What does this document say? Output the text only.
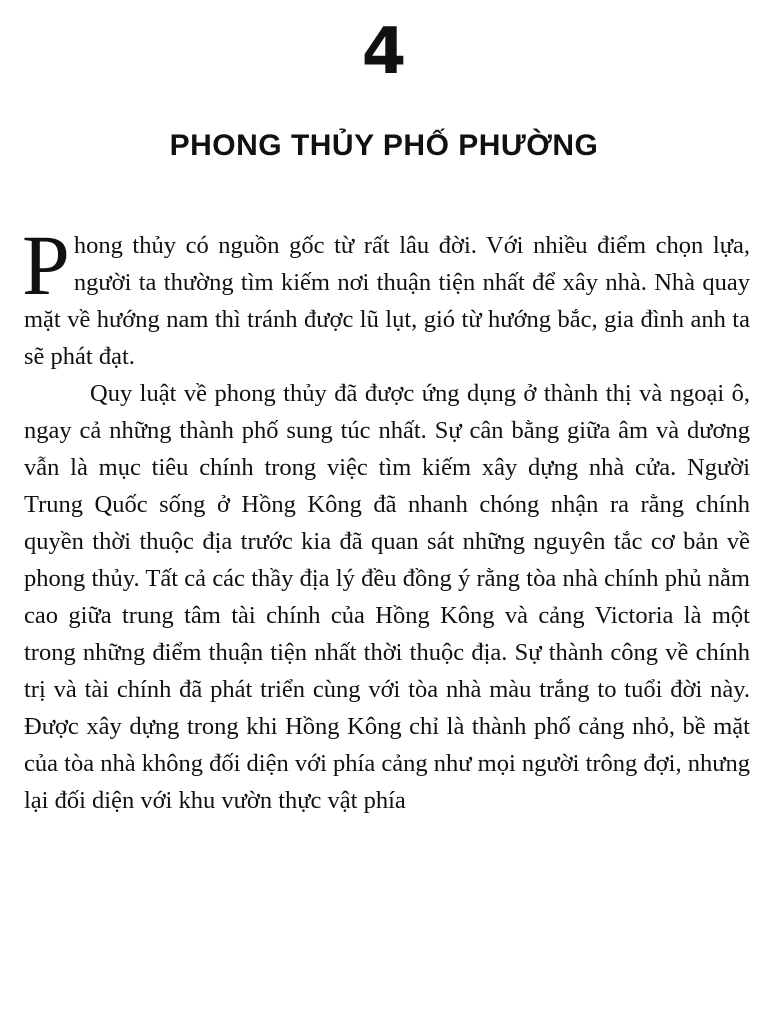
4
PHONG THỦY PHỐ PHƯỜNG

Phong thủy có nguồn gốc từ rất lâu đời. Với nhiều điểm chọn lựa, người ta thường tìm kiếm nơi thuận tiện nhất để xây nhà. Nhà quay mặt về hướng nam thì tránh được lũ lụt, gió từ hướng bắc, gia đình anh ta sẽ phát đạt.

Quy luật về phong thủy đã được ứng dụng ở thành thị và ngoại ô, ngay cả những thành phố sung túc nhất. Sự cân bằng giữa âm và dương vẫn là mục tiêu chính trong việc tìm kiếm xây dựng nhà cửa. Người Trung Quốc sống ở Hồng Kông đã nhanh chóng nhận ra rằng chính quyền thời thuộc địa trước kia đã quan sát những nguyên tắc cơ bản về phong thủy. Tất cả các thầy địa lý đều đồng ý rằng tòa nhà chính phủ nằm cao giữa trung tâm tài chính của Hồng Kông và cảng Victoria là một trong những điểm thuận tiện nhất thời thuộc địa. Sự thành công về chính trị và tài chính đã phát triển cùng với tòa nhà màu trắng to tuổi đời này. Được xây dựng trong khi Hồng Kông chỉ là thành phố cảng nhỏ, bề mặt của tòa nhà không đối diện với phía cảng như mọi người trông đợi, nhưng lại đối diện với khu vườn thực vật phía
